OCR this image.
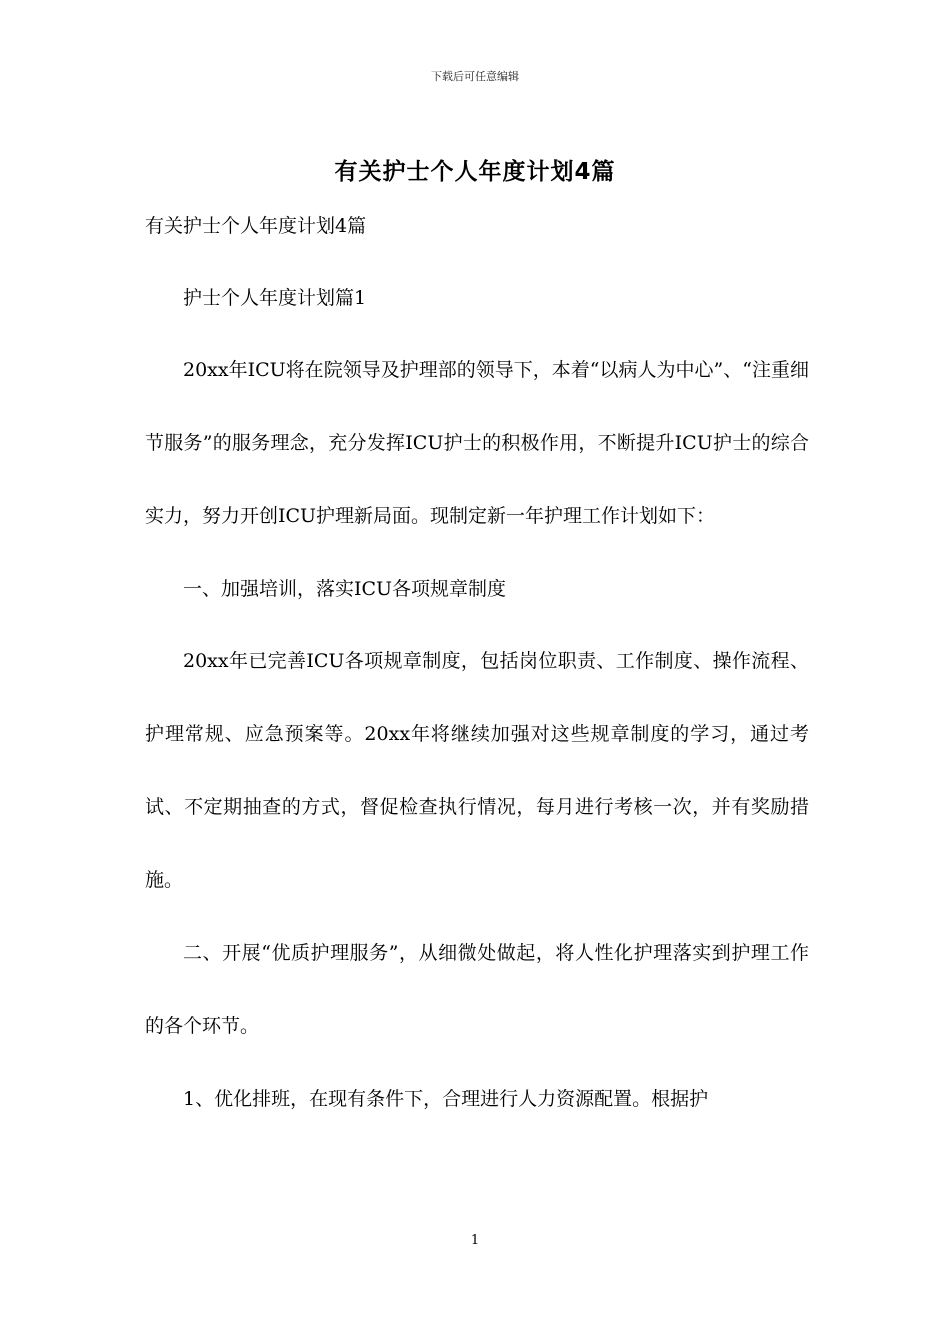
下载后可任意编辑
有关护士个人年度计划4篇

有关护士个人年度计划4篇

护士个人年度计划篇1

20xx年ICU将在院领导及护理部的领导下，本着“以病人为中心”、“注重细节服务”的服务理念，充分发挥ICU护士的积极作用，不断提升ICU护士的综合实力，努力开创ICU护理新局面。现制定新一年护理工作计划如下：

一、加强培训，落实ICU各项规章制度

20xx年已完善ICU各项规章制度，包括岗位职责、工作制度、操作流程、护理常规、应急预案等。20xx年将继续加强对这些规章制度的学习，通过考试、不定期抽查的方式，督促检查执行情况，每月进行考核一次，并有奖励措施。

二、开展“优质护理服务”，从细微处做起，将人性化护理落实到护理工作的各个环节。

1、优化排班，在现有条件下，合理进行人力资源配置。根据护

1
